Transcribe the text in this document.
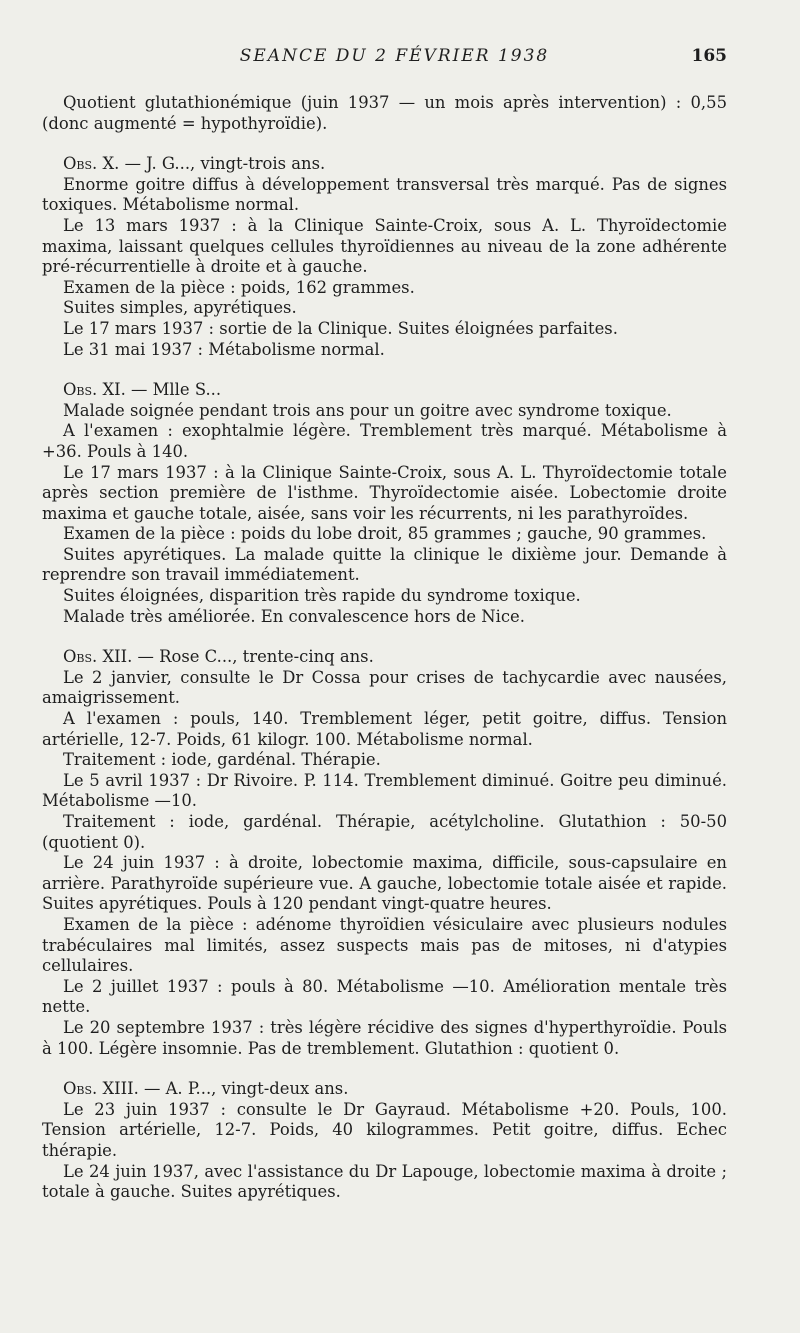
SEANCE DU 2 FÉVRIER 1938	165

Quotient glutathionémique (juin 1937 — un mois après intervention) : 0,55 (donc augmenté = hypothyroïdie).

Obs. X. — J. G..., vingt-trois ans.

Enorme goitre diffus à développement transversal très marqué. Pas de signes toxiques. Métabolisme normal.

Le 13 mars 1937 : à la Clinique Sainte-Croix, sous A. L. Thyroïdectomie maxima, laissant quelques cellules thyroïdiennes au niveau de la zone adhérente pré-récurrentielle à droite et à gauche.

Examen de la pièce : poids, 162 grammes.

Suites simples, apyrétiques.

Le 17 mars 1937 : sortie de la Clinique. Suites éloignées parfaites.

Le 31 mai 1937 : Métabolisme normal.

Obs. XI. — Mlle S...

Malade soignée pendant trois ans pour un goitre avec syndrome toxique.

A l'examen : exophtalmie légère. Tremblement très marqué. Métabolisme à +36. Pouls à 140.

Le 17 mars 1937 : à la Clinique Sainte-Croix, sous A. L. Thyroïdectomie totale après section première de l'isthme. Thyroïdectomie aisée. Lobectomie droite maxima et gauche totale, aisée, sans voir les récurrents, ni les parathyroïdes.

Examen de la pièce : poids du lobe droit, 85 grammes ; gauche, 90 grammes.

Suites apyrétiques. La malade quitte la clinique le dixième jour. Demande à reprendre son travail immédiatement.

Suites éloignées, disparition très rapide du syndrome toxique.

Malade très améliorée. En convalescence hors de Nice.

Obs. XII. — Rose C..., trente-cinq ans.

Le 2 janvier, consulte le Dr Cossa pour crises de tachycardie avec nausées, amaigrissement.

A l'examen : pouls, 140. Tremblement léger, petit goitre, diffus. Tension artérielle, 12-7. Poids, 61 kilogr. 100. Métabolisme normal.

Traitement : iode, gardénal. Thérapie.

Le 5 avril 1937 : Dr Rivoire. P. 114. Tremblement diminué. Goitre peu diminué. Métabolisme —10.

Traitement : iode, gardénal. Thérapie, acétylcholine. Glutathion : 50-50 (quotient 0).

Le 24 juin 1937 : à droite, lobectomie maxima, difficile, sous-capsulaire en arrière. Parathyroïde supérieure vue. A gauche, lobectomie totale aisée et rapide. Suites apyrétiques. Pouls à 120 pendant vingt-quatre heures.

Examen de la pièce : adénome thyroïdien vésiculaire avec plusieurs nodules trabéculaires mal limités, assez suspects mais pas de mitoses, ni d'atypies cellulaires.

Le 2 juillet 1937 : pouls à 80. Métabolisme —10. Amélioration mentale très nette.

Le 20 septembre 1937 : très légère récidive des signes d'hyperthyroïdie. Pouls à 100. Légère insomnie. Pas de tremblement. Glutathion : quotient 0.

Obs. XIII. — A. P..., vingt-deux ans.

Le 23 juin 1937 : consulte le Dr Gayraud. Métabolisme +20. Pouls, 100. Tension artérielle, 12-7. Poids, 40 kilogrammes. Petit goitre, diffus. Echec thérapie.

Le 24 juin 1937, avec l'assistance du Dr Lapouge, lobectomie maxima à droite ; totale à gauche. Suites apyrétiques.
